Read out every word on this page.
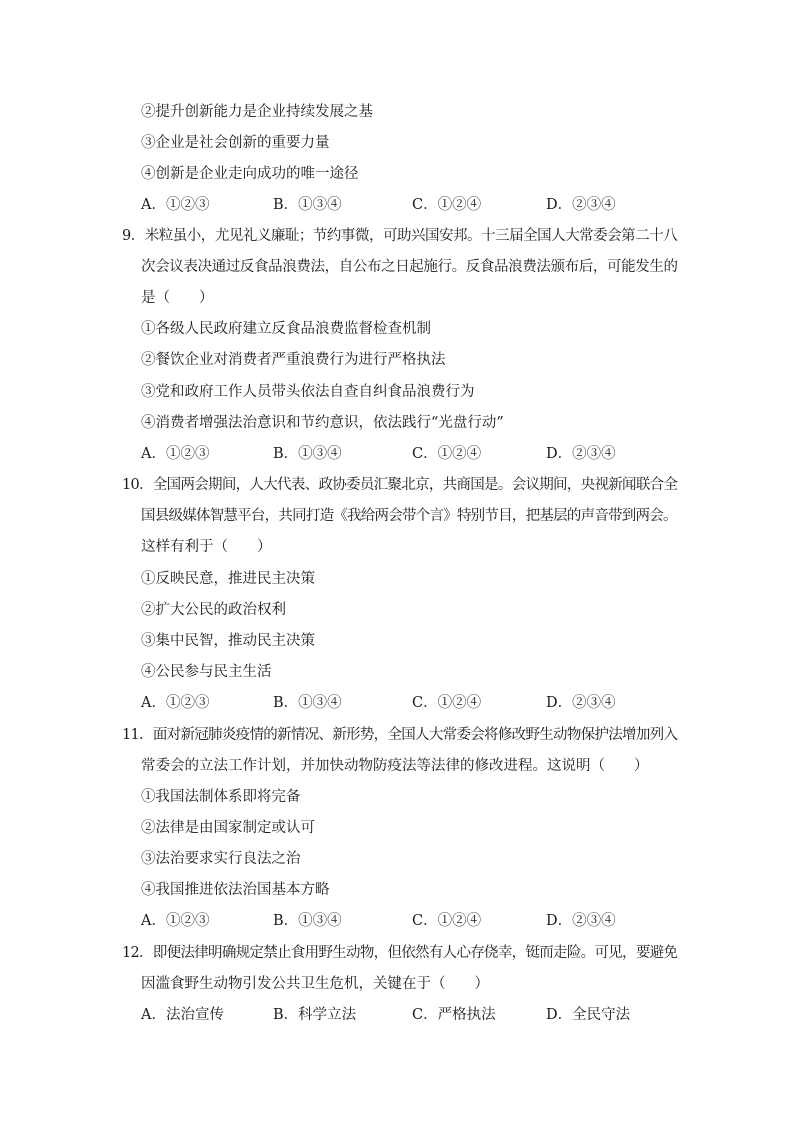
②提升创新能力是企业持续发展之基
③企业是社会创新的重要力量
④创新是企业走向成功的唯一途径
A．①②③	B．①③④	C．①②④	D．②③④
9．米粒虽小，尤见礼义廉耻；节约事微，可助兴国安邦。十三届全国人大常委会第二十八
次会议表决通过反食品浪费法，自公布之日起施行。反食品浪费法颁布后，可能发生的
是（　　）
①各级人民政府建立反食品浪费监督检查机制
②餐饮企业对消费者严重浪费行为进行严格执法
③党和政府工作人员带头依法自查自纠食品浪费行为
④消费者增强法治意识和节约意识，依法践行“光盘行动”
A．①②③	B．①③④	C．①②④	D．②③④
10．全国两会期间，人大代表、政协委员汇聚北京，共商国是。会议期间，央视新闻联合全
国县级媒体智慧平台，共同打造《我给两会带个言》特别节目，把基层的声音带到两会。
这样有利于（　　）
①反映民意，推进民主决策
②扩大公民的政治权利
③集中民智，推动民主决策
④公民参与民主生活
A．①②③	B．①③④	C．①②④	D．②③④
11．面对新冠肺炎疫情的新情况、新形势，全国人大常委会将修改野生动物保护法增加列入
常委会的立法工作计划，并加快动物防疫法等法律的修改进程。这说明（　　）
①我国法制体系即将完备
②法律是由国家制定或认可
③法治要求实行良法之治
④我国推进依法治国基本方略
A．①②③	B．①③④	C．①②④	D．②③④
12．即便法律明确规定禁止食用野生动物，但依然有人心存侥幸，铤而走险。可见，要避免
因滥食野生动物引发公共卫生危机，关键在于（　　）
A．法治宣传	B．科学立法	C．严格执法	D．全民守法
